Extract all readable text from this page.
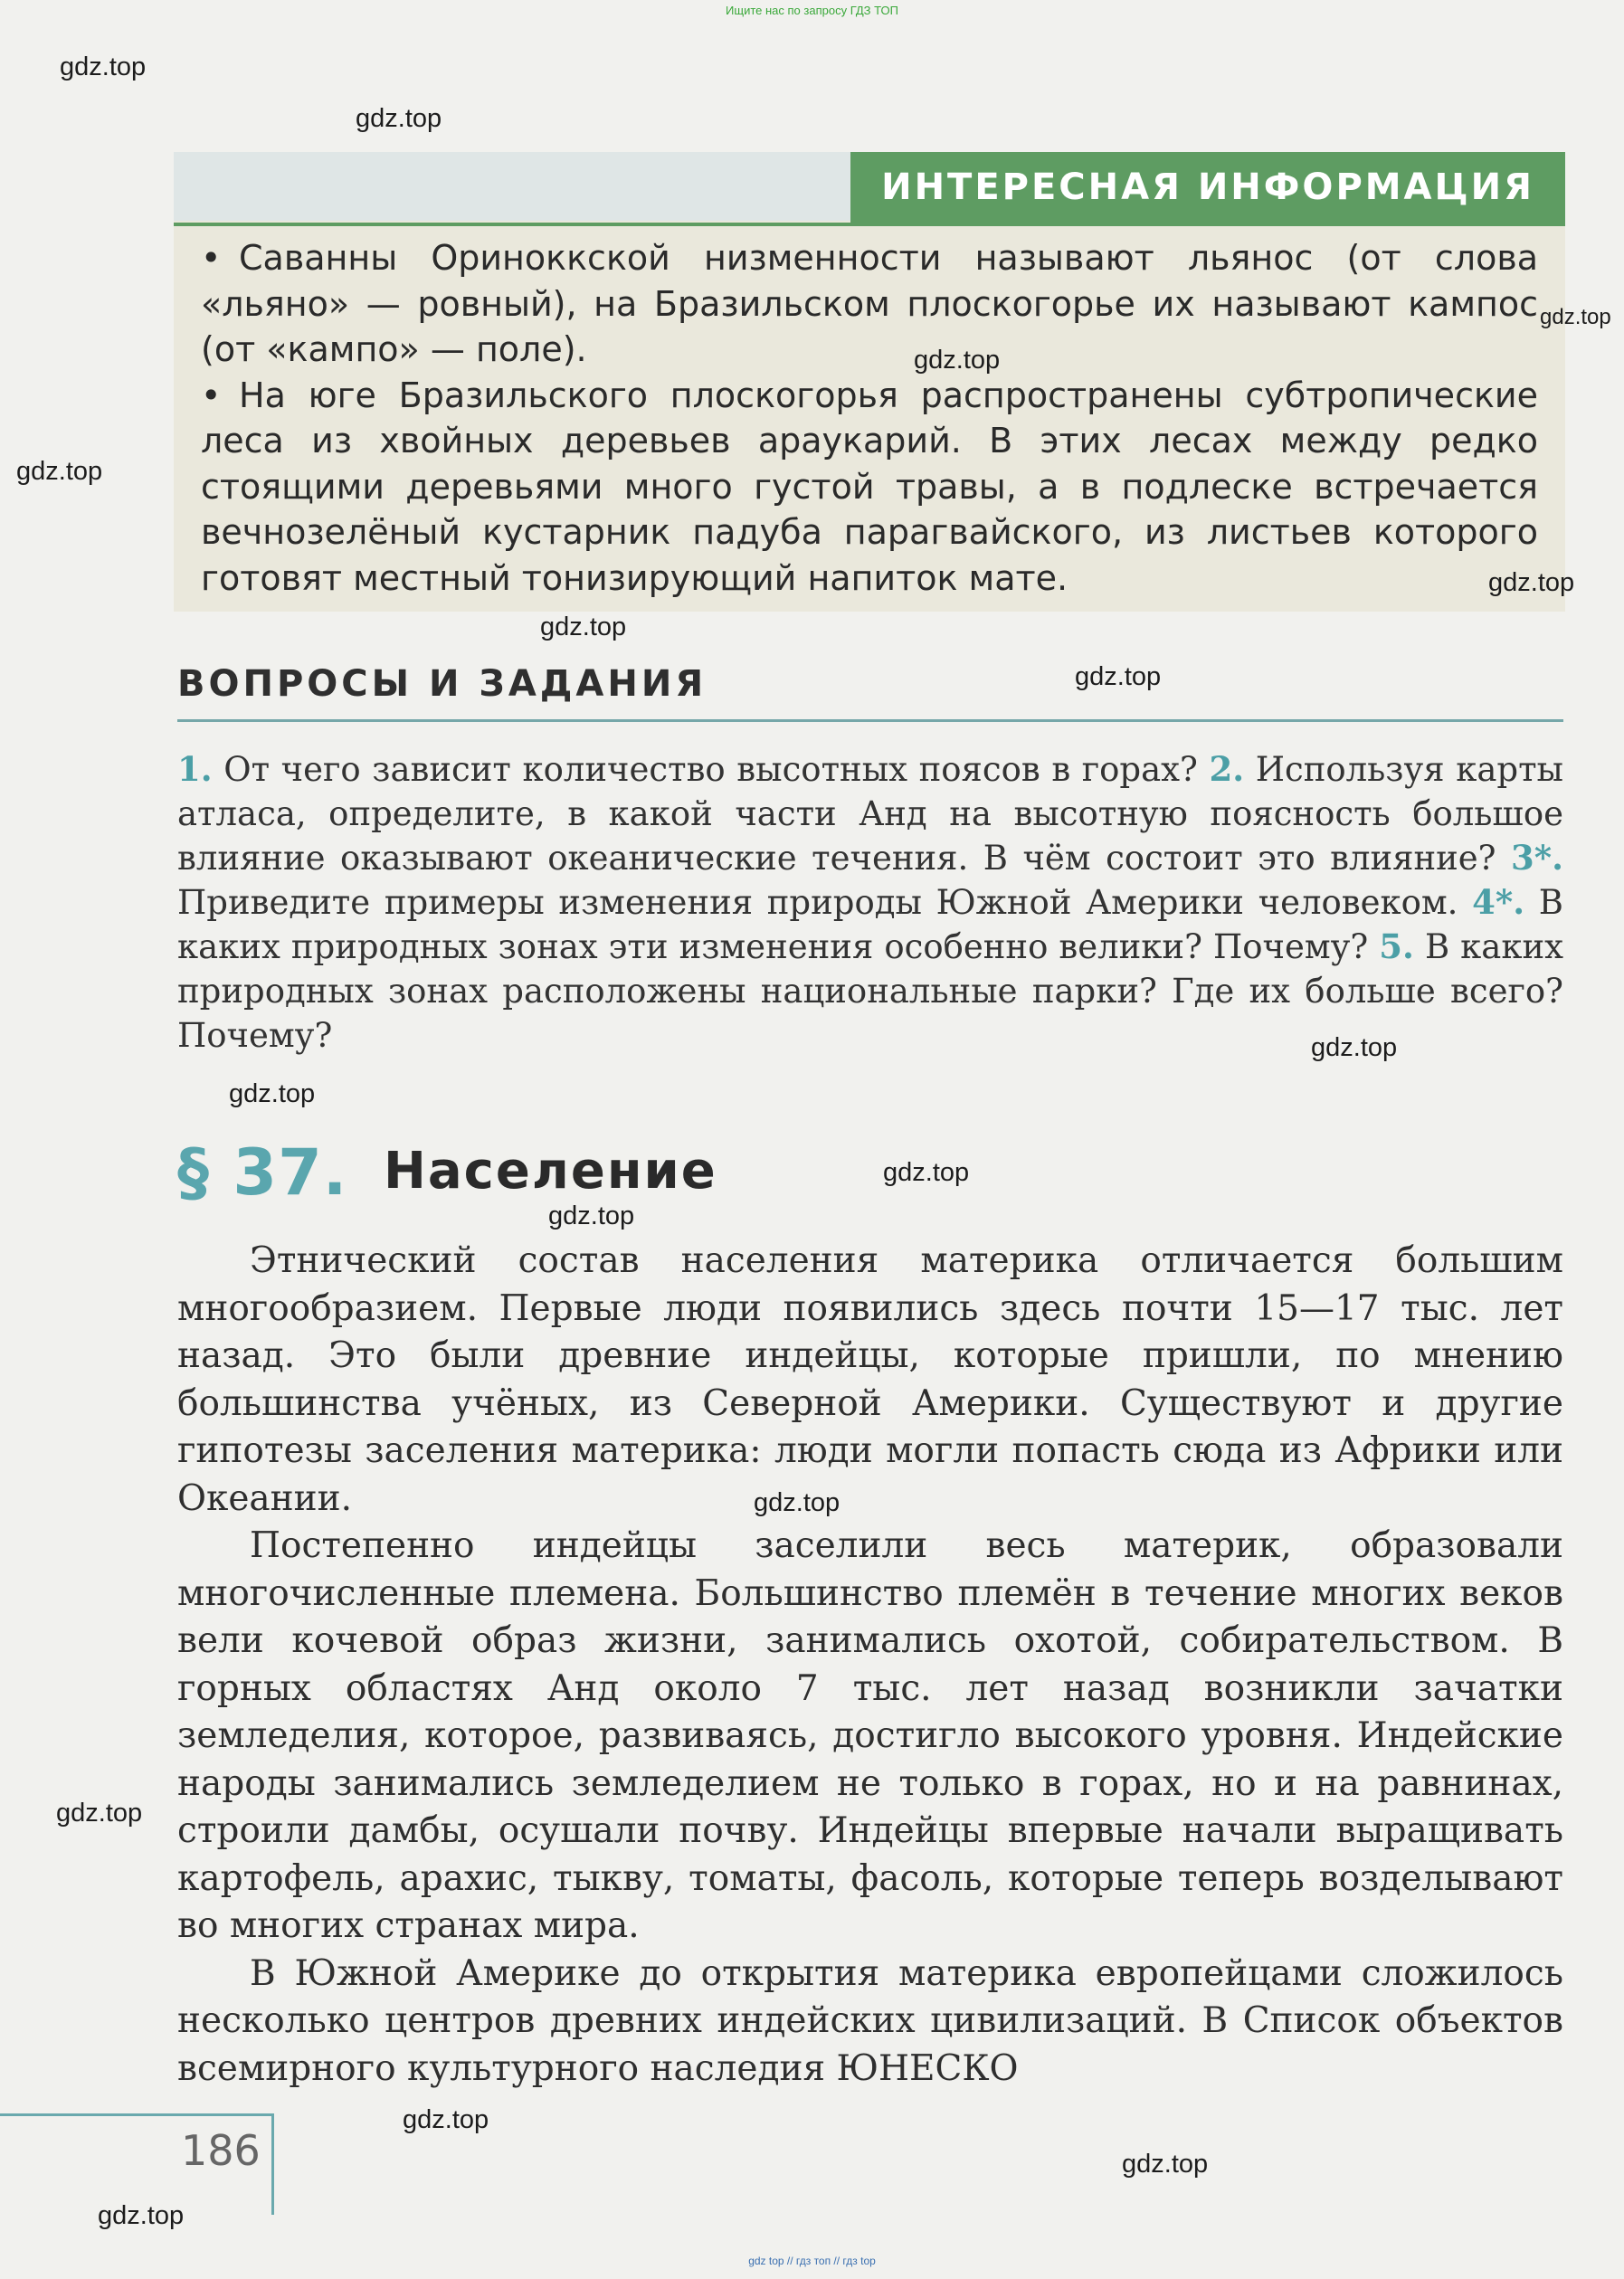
Ищите нас по запросу ГДЗ ТОП
ИНТЕРЕСНАЯ ИНФОРМАЦИЯ

• Саванны Ориноккской низменности называют льянос (от слова «льяно» — ровный), на Бразильском плоскогорье их называют кампос (от «кампо» — поле).

• На юге Бразильского плоскогорья распространены субтропические леса из хвойных деревьев араукарий. В этих лесах между редко стоящими деревьями много густой травы, а в подлеске встречается вечнозелёный кустарник падуба парагвайского, из листьев которого готовят местный тонизирующий напиток мате.

ВОПРОСЫ И ЗАДАНИЯ
1. От чего зависит количество высотных поясов в горах? 2. Используя карты атласа, определите, в какой части Анд на высотную поясность большое влияние оказывают океанические течения. В чём состоит это влияние? 3*. Приведите примеры изменения природы Южной Америки человеком. 4*. В каких природных зонах эти изменения особенно велики? Почему? 5. В каких природных зонах расположены национальные парки? Где их больше всего? Почему?
§ 37. Население

Этнический состав населения материка отличается большим многообразием. Первые люди появились здесь почти 15—17 тыс. лет назад. Это были древние индейцы, которые пришли, по мнению большинства учёных, из Северной Америки. Существуют и другие гипотезы заселения материка: люди могли попасть сюда из Африки или Океании.

Постепенно индейцы заселили весь материк, образовали многочисленные племена. Большинство племён в течение многих веков вели кочевой образ жизни, занимались охотой, собирательством. В горных областях Анд около 7 тыс. лет назад возникли зачатки земледелия, которое, развиваясь, достигло высокого уровня. Индейские народы занимались земледелием не только в горах, но и на равнинах, строили дамбы, осушали почву. Индейцы впервые начали выращивать картофель, арахис, тыкву, томаты, фасоль, которые теперь возделывают во многих странах мира.

В Южной Америке до открытия материка европейцами сложилось несколько центров древних индейских цивилизаций. В Список объектов всемирного культурного наследия ЮНЕСКО

186
gdz.top
gdz.top
gdz.top
gdz.top
gdz.top
gdz.top
gdz.top
gdz.top
gdz.top
gdz.top
gdz.top
gdz.top
gdz.top
gdz.top
gdz.top
gdz.top
gdz.top
gdz top // гдз топ // гдз top
